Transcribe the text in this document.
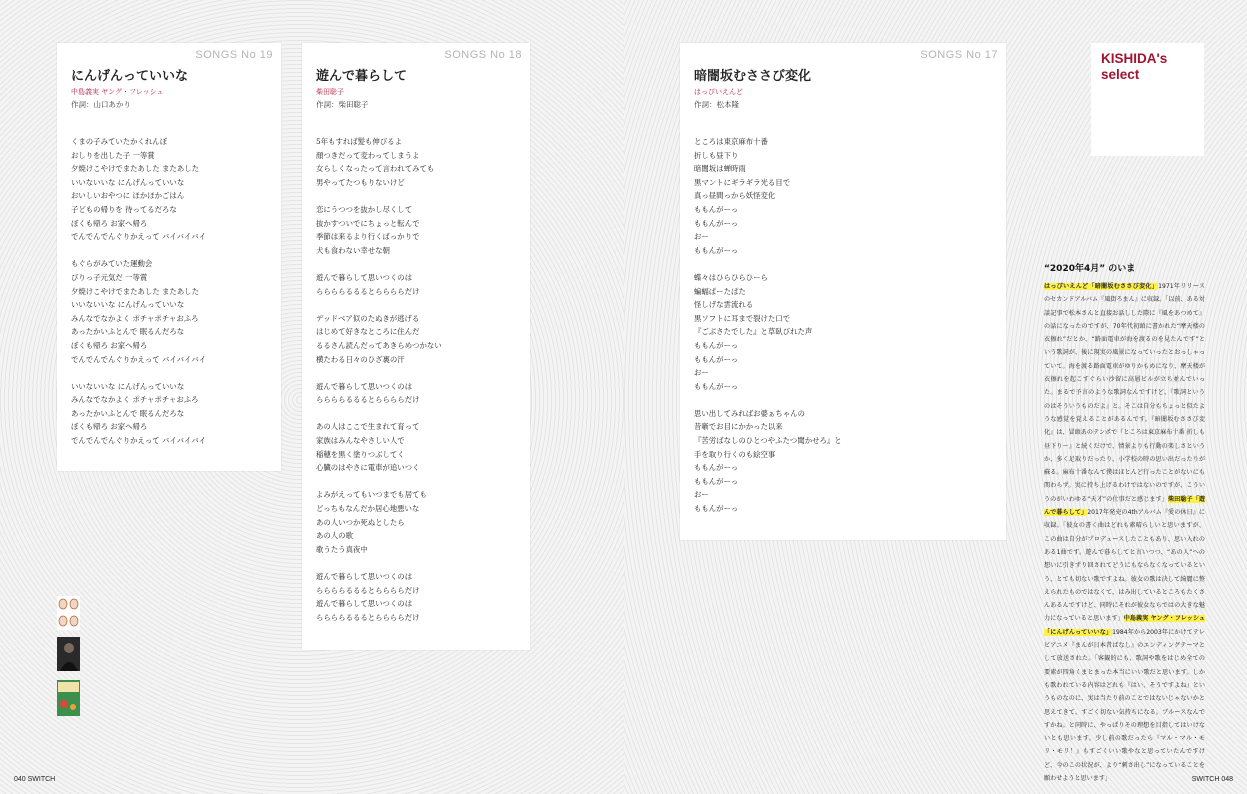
SONGS No 19
にんげんっていいな
中島義実 ヤング・フレッシュ
作詞：山口あかり
くまの子みていたかくれんぼ
おしりを出した子 一等賞
夕焼けこやけでまたあした またあした
いいないいな にんげんっていいな
おいしいおやつに ほかほかごはん
子どもの帰りを 待ってるだろな
ぼくも帰ろ お家へ帰ろ
でんでんでんぐりかえって バイバイバイ
もぐらがみていた運動会
びりっ子元気だ 一等賞
夕焼けこやけでまたあした またあした
いいないいな にんげんっていいな
みんなでなかよく ポチャポチャおふろ
あったかいふとんで 眠るんだろな
ぼくも帰ろ お家へ帰ろ
でんでんでんぐりかえって バイバイバイ
いいないいな にんげんっていいな
みんなでなかよく ポチャポチャおふろ
あったかいふとんで 眠るんだろな
ぼくも帰ろ お家へ帰ろ
でんでんでんぐりかえって バイバイバイ
SONGS No 18
遊んで暮らして
柴田聡子
作詞：柴田聡子
5年もすれば髪も伸びるよ
顔つきだって変わってしまうよ
女らしくなったって言われてみても
男やってたつもりないけど
恋にうつつを抜かし尽くして
抜かすついでにちょっと転んで
季節は来るより行くばっかりで
犬も食わない幸せな朝
遊んで暮らして思いつくのは
ららららるるるとららららだけ
デッドベア似のたぬきが逃げる
はじめて好きなところに住んだ
るるさん読んだってあきらめつかない
横たわる日々のひざ裏の汗
遊んで暮らして思いつくのは
ららららるるるとららららだけ
あの人はここで生まれて育って
家族はみんなやさしい人で
稲穂を黒く塗りつぶしてく
心臓のはやさに電車が追いつく
よみがえってもいつまでも居ても
どっちもなんだか居心地悪いな
あの人いつか死ぬとしたら
あの人の歌
歌うたう真夜中
遊んで暮らして思いつくのは
ららららるるるとららららだけ
遊んで暮らして思いつくのは
ららららるるるとららららだけ
SONGS No 17
暗闇坂むささび変化
はっぴいえんど
作詞：松本隆
ところは東京麻布十番
折しも昼下り
暗闇坂は蝉時雨
黒マントにギラギラ光る目で
真っ昼間っから妖怪変化
ももんがーっ
ももんがーっ
おー
ももんがーっ
蝶々はひらひらひーら
蝙蝠ぱーたぱた
怪しげな雲流れる
黒ソフトに耳まで裂けた口で
『ごぶさたでした』と草臥びれた声
ももんがーっ
ももんがーっ
おー
ももんがーっ
思い出してみればお婆ぁちゃんの
昔噺でお目にかかった以来
『苦労ばなしのひとつやふたつ聞かせろ』と
手を取り行くのも絵空事
ももんがーっ
ももんがーっ
おー
ももんがーっ
KISHIDA's
select
“2020年4月” のいま
はっぴいえんど「暗闇坂むささび変化」1971年リリースのセカンドアルバム『風街ろまん』に収録。「以前、ある対談記事で松本さんと直接お話しした際に『風をあつめて』の話になったのですが、70年代初頭に書かれた“摩天楼の衣擦れ”だとか、“路面電車が海を渡るのを見たんです”という歌詞が、後に現実の風景になっていったとおっしゃっていて。海を渡る路面電車がゆりかもめになり、摩天楼が衣擦れを起こすぐらい沙留に高層ビルが立ち並んでいった。まるで予言のような歌詞なんですけど、『歌詞というのはそういうものだよ』と。そこは自分もちょっと似たような感覚を覚えることがあるんです。『暗闇坂むささび変化』は、冒頭あのテンポで『ところは東京麻布十番 折しも昼下り～』と続くだけで、情景よりも行動の楽しさというか、多く足取りだったり、小学校の時の思い出だったりが蘇る。麻布十番なんて僕はほとんど行ったことがないにも関わらず。実に持ち上げるわけではないのですが、こういうのがいわゆる“天才”の仕事だと感じます」柴田聡子「遊んで暮らして」2017年発売の4thアルバム『愛の休日』に収録。「彼女の書く曲はどれも素晴らしいと思いますが、この曲は自分がプロデュースしたこともあり、思い入れのある1曲です。遊んで暮らしてと言いつつ、“あの人”への想いに引きずり回されてどうにもならなくなっているという、とても切ない歌ですよね。彼女の歌は決して綺麗に整えられたものではなくて、はみ出しているところもたくさんあるんですけど、同時にそれが彼女ならではの大きな魅力になっていると思います」中島義実 ヤング・フレッシュ「にんげんっていいな」1984年から2003年にかけてテレビアニメ『まんが日本昔ばなし』のエンディングテーマとして放送された。「客観的にも、歌詞や歌をはじめ全ての要素が四角くまとまった本当にいい歌だと思います。しかも歌われている内容はどれも『はい、そうですよね』というものなのに、実は当たり前のことではないじゃないかと思えてきて、すごく切ない気持ちになる。ブルースなんですかね。と同時に、やっぱりその理想を目指してはいけないとも思います。少し前の歌だったら『マル・マル・モリ・モリ！』もすごくいい歌やなと思っていたんですけど、今のこの状況が、より“刺さ出し”になっていることを願わせようと思います」
040 SWITCH	SWITCH 048
